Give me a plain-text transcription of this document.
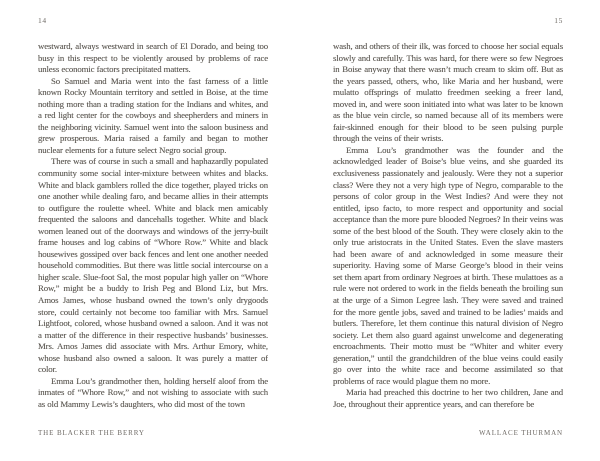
14

westward, always westward in search of El Dorado, and being too busy in this respect to be violently aroused by problems of race unless economic factors precipitated matters.

So Samuel and Maria went into the fast farness of a little known Rocky Mountain territory and settled in Boise, at the time nothing more than a trading station for the Indians and whites, and a red light center for the cowboys and sheepherders and miners in the neighboring vicinity. Samuel went into the saloon business and grew prosperous. Maria raised a family and began to mother nuclear elements for a future select Negro social group.

There was of course in such a small and haphazardly populated community some social inter-mixture between whites and blacks. White and black gamblers rolled the dice together, played tricks on one another while dealing faro, and became allies in their attempts to outfigure the roulette wheel. White and black men amicably frequented the saloons and dancehalls together. White and black women leaned out of the doorways and windows of the jerry-built frame houses and log cabins of “Whore Row.” White and black housewives gossiped over back fences and lent one another needed household commodities. But there was little social intercourse on a higher scale. Slue-foot Sal, the most popular high yaller on “Whore Row,” might be a buddy to Irish Peg and Blond Liz, but Mrs. Amos James, whose husband owned the town’s only drygoods store, could certainly not become too familiar with Mrs. Samuel Lightfoot, colored, whose husband owned a saloon. And it was not a matter of the difference in their respective husbands’ businesses. Mrs. Amos James did associate with Mrs. Arthur Emory, white, whose husband also owned a saloon. It was purely a matter of color.

Emma Lou’s grandmother then, holding herself aloof from the inmates of “Whore Row,” and not wishing to associate with such as old Mammy Lewis’s daughters, who did most of the town

THE BLACKER THE BERRY
15

wash, and others of their ilk, was forced to choose her social equals slowly and carefully. This was hard, for there were so few Negroes in Boise anyway that there wasn’t much cream to skim off. But as the years passed, others, who, like Maria and her husband, were mulatto offsprings of mulatto freedmen seeking a freer land, moved in, and were soon initiated into what was later to be known as the blue vein circle, so named because all of its members were fair-skinned enough for their blood to be seen pulsing purple through the veins of their wrists.

Emma Lou’s grandmother was the founder and the acknowledged leader of Boise’s blue veins, and she guarded its exclusiveness passionately and jealously. Were they not a superior class? Were they not a very high type of Negro, comparable to the persons of color group in the West Indies? And were they not entitled, ipso facto, to more respect and opportunity and social acceptance than the more pure blooded Negroes? In their veins was some of the best blood of the South. They were closely akin to the only true aristocrats in the United States. Even the slave masters had been aware of and acknowledged in some measure their superiority. Having some of Marse George’s blood in their veins set them apart from ordinary Negroes at birth. These mulattoes as a rule were not ordered to work in the fields beneath the broiling sun at the urge of a Simon Legree lash. They were saved and trained for the more gentle jobs, saved and trained to be ladies’ maids and butlers. Therefore, let them continue this natural division of Negro society. Let them also guard against unwelcome and degenerating encroachments. Their motto must be “Whiter and whiter every generation,” until the grandchildren of the blue veins could easily go over into the white race and become assimilated so that problems of race would plague them no more.

Maria had preached this doctrine to her two children, Jane and Joe, throughout their apprentice years, and can therefore be

WALLACE THURMAN
